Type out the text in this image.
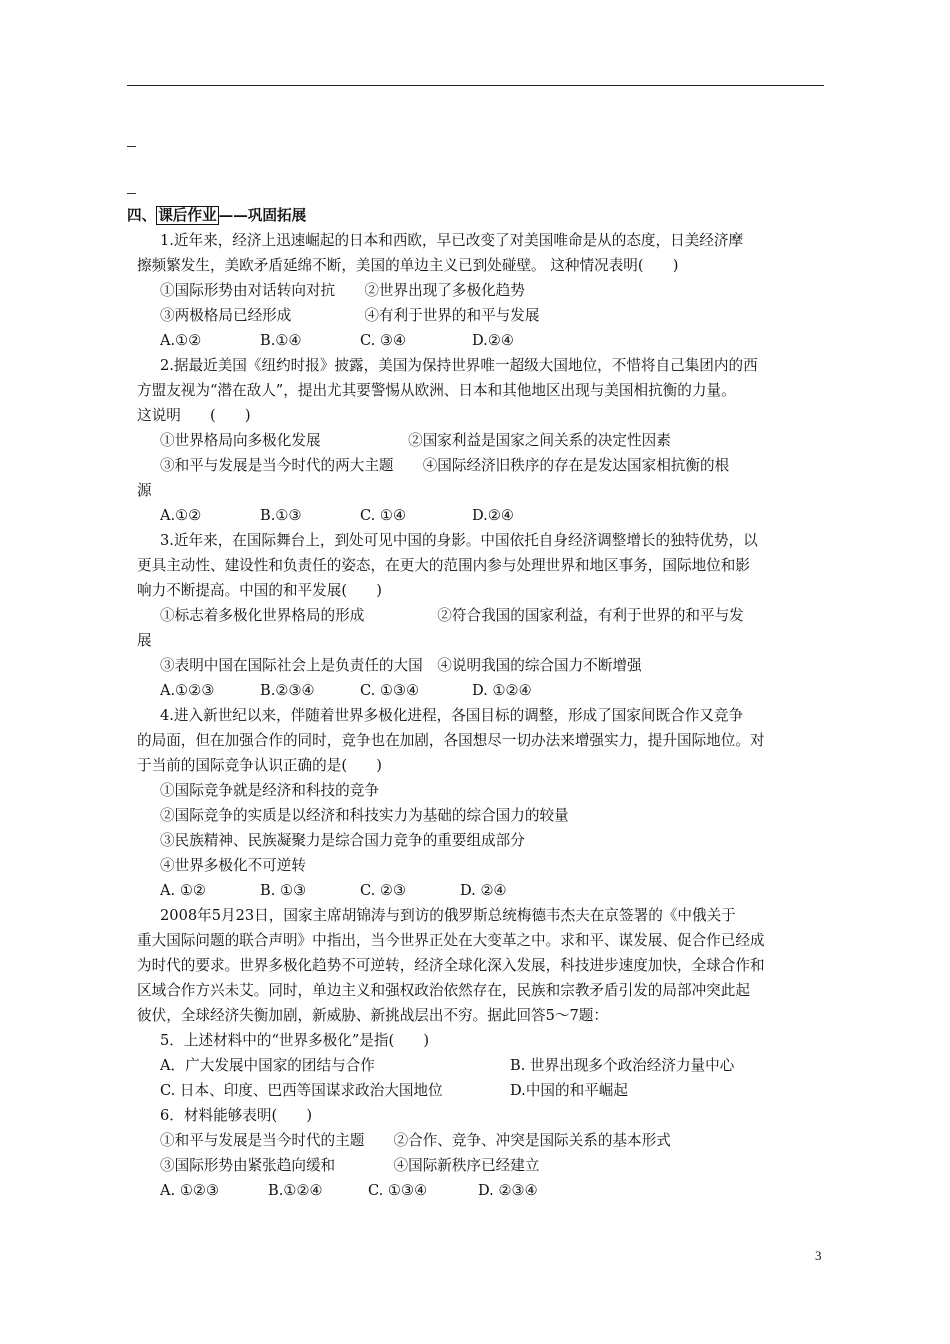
四、 课后作业 ——巩固拓展
1.近年来，经济上迅速崛起的日本和西欧，早已改变了对美国唯命是从的态度，日美经济摩
擦频繁发生，美欧矛盾延绵不断，美国的单边主义已到处碰壁。 这种情况表明(　　)
①国际形势由对话转向对抗　　②世界出现了多极化趋势
③两极格局已经形成　　　　　④有利于世界的和平与发展
A.①②	B.①④	C. ③④	D.②④
2.据最近美国《纽约时报》披露，美国为保持世界唯一超级大国地位，不惜将自己集团内的西
方盟友视为“潜在敌人”，提出尤其要警惕从欧洲、日本和其他地区出现与美国相抗衡的力量。
这说明　　(　　)
①世界格局向多极化发展　　　　　　②国家利益是国家之间关系的决定性因素
③和平与发展是当今时代的两大主题　　④国际经济旧秩序的存在是发达国家相抗衡的根
源
A.①②	B.①③	C. ①④	D.②④
3.近年来，在国际舞台上，到处可见中国的身影。中国依托自身经济调整增长的独特优势，以
更具主动性、建设性和负责任的姿态，在更大的范围内参与处理世界和地区事务，国际地位和影
响力不断提高。中国的和平发展(　　)
①标志着多极化世界格局的形成　　　　　②符合我国的国家利益，有利于世界的和平与发
展
③表明中国在国际社会上是负责任的大国　④说明我国的综合国力不断增强
A.①②③	B.②③④	C. ①③④	D. ①②④
4.进入新世纪以来，伴随着世界多极化进程，各国目标的调整，形成了国家间既合作又竞争
的局面，但在加强合作的同时，竞争也在加剧，各国想尽一切办法来增强实力，提升国际地位。对
于当前的国际竞争认识正确的是(　　)
①国际竞争就是经济和科技的竞争
②国际竞争的实质是以经济和科技实力为基础的综合国力的较量
③民族精神、民族凝聚力是综合国力竞争的重要组成部分
④世界多极化不可逆转
A. ①②	B. ①③	C. ②③	D. ②④
2008年5月23日，国家主席胡锦涛与到访的俄罗斯总统梅德韦杰夫在京签署的《中俄关于
重大国际问题的联合声明》中指出，当今世界正处在大变革之中。求和平、谋发展、促合作已经成
为时代的要求。世界多极化趋势不可逆转，经济全球化深入发展，科技进步速度加快，全球合作和
区域合作方兴未艾。同时，单边主义和强权政治依然存在，民族和宗教矛盾引发的局部冲突此起
彼伏，全球经济失衡加剧，新威胁、新挑战层出不穷。据此回答5～7题：
5．上述材料中的“世界多极化”是指(　　)
A．广大发展中国家的团结与合作	B. 世界出现多个政治经济力量中心
C. 日本、印度、巴西等国谋求政治大国地位	D.中国的和平崛起
6．材料能够表明(　　)
①和平与发展是当今时代的主题　　②合作、竞争、冲突是国际关系的基本形式
③国际形势由紧张趋向缓和　　　　④国际新秩序已经建立
A. ①②③	B.①②④	C. ①③④	D. ②③④
3
